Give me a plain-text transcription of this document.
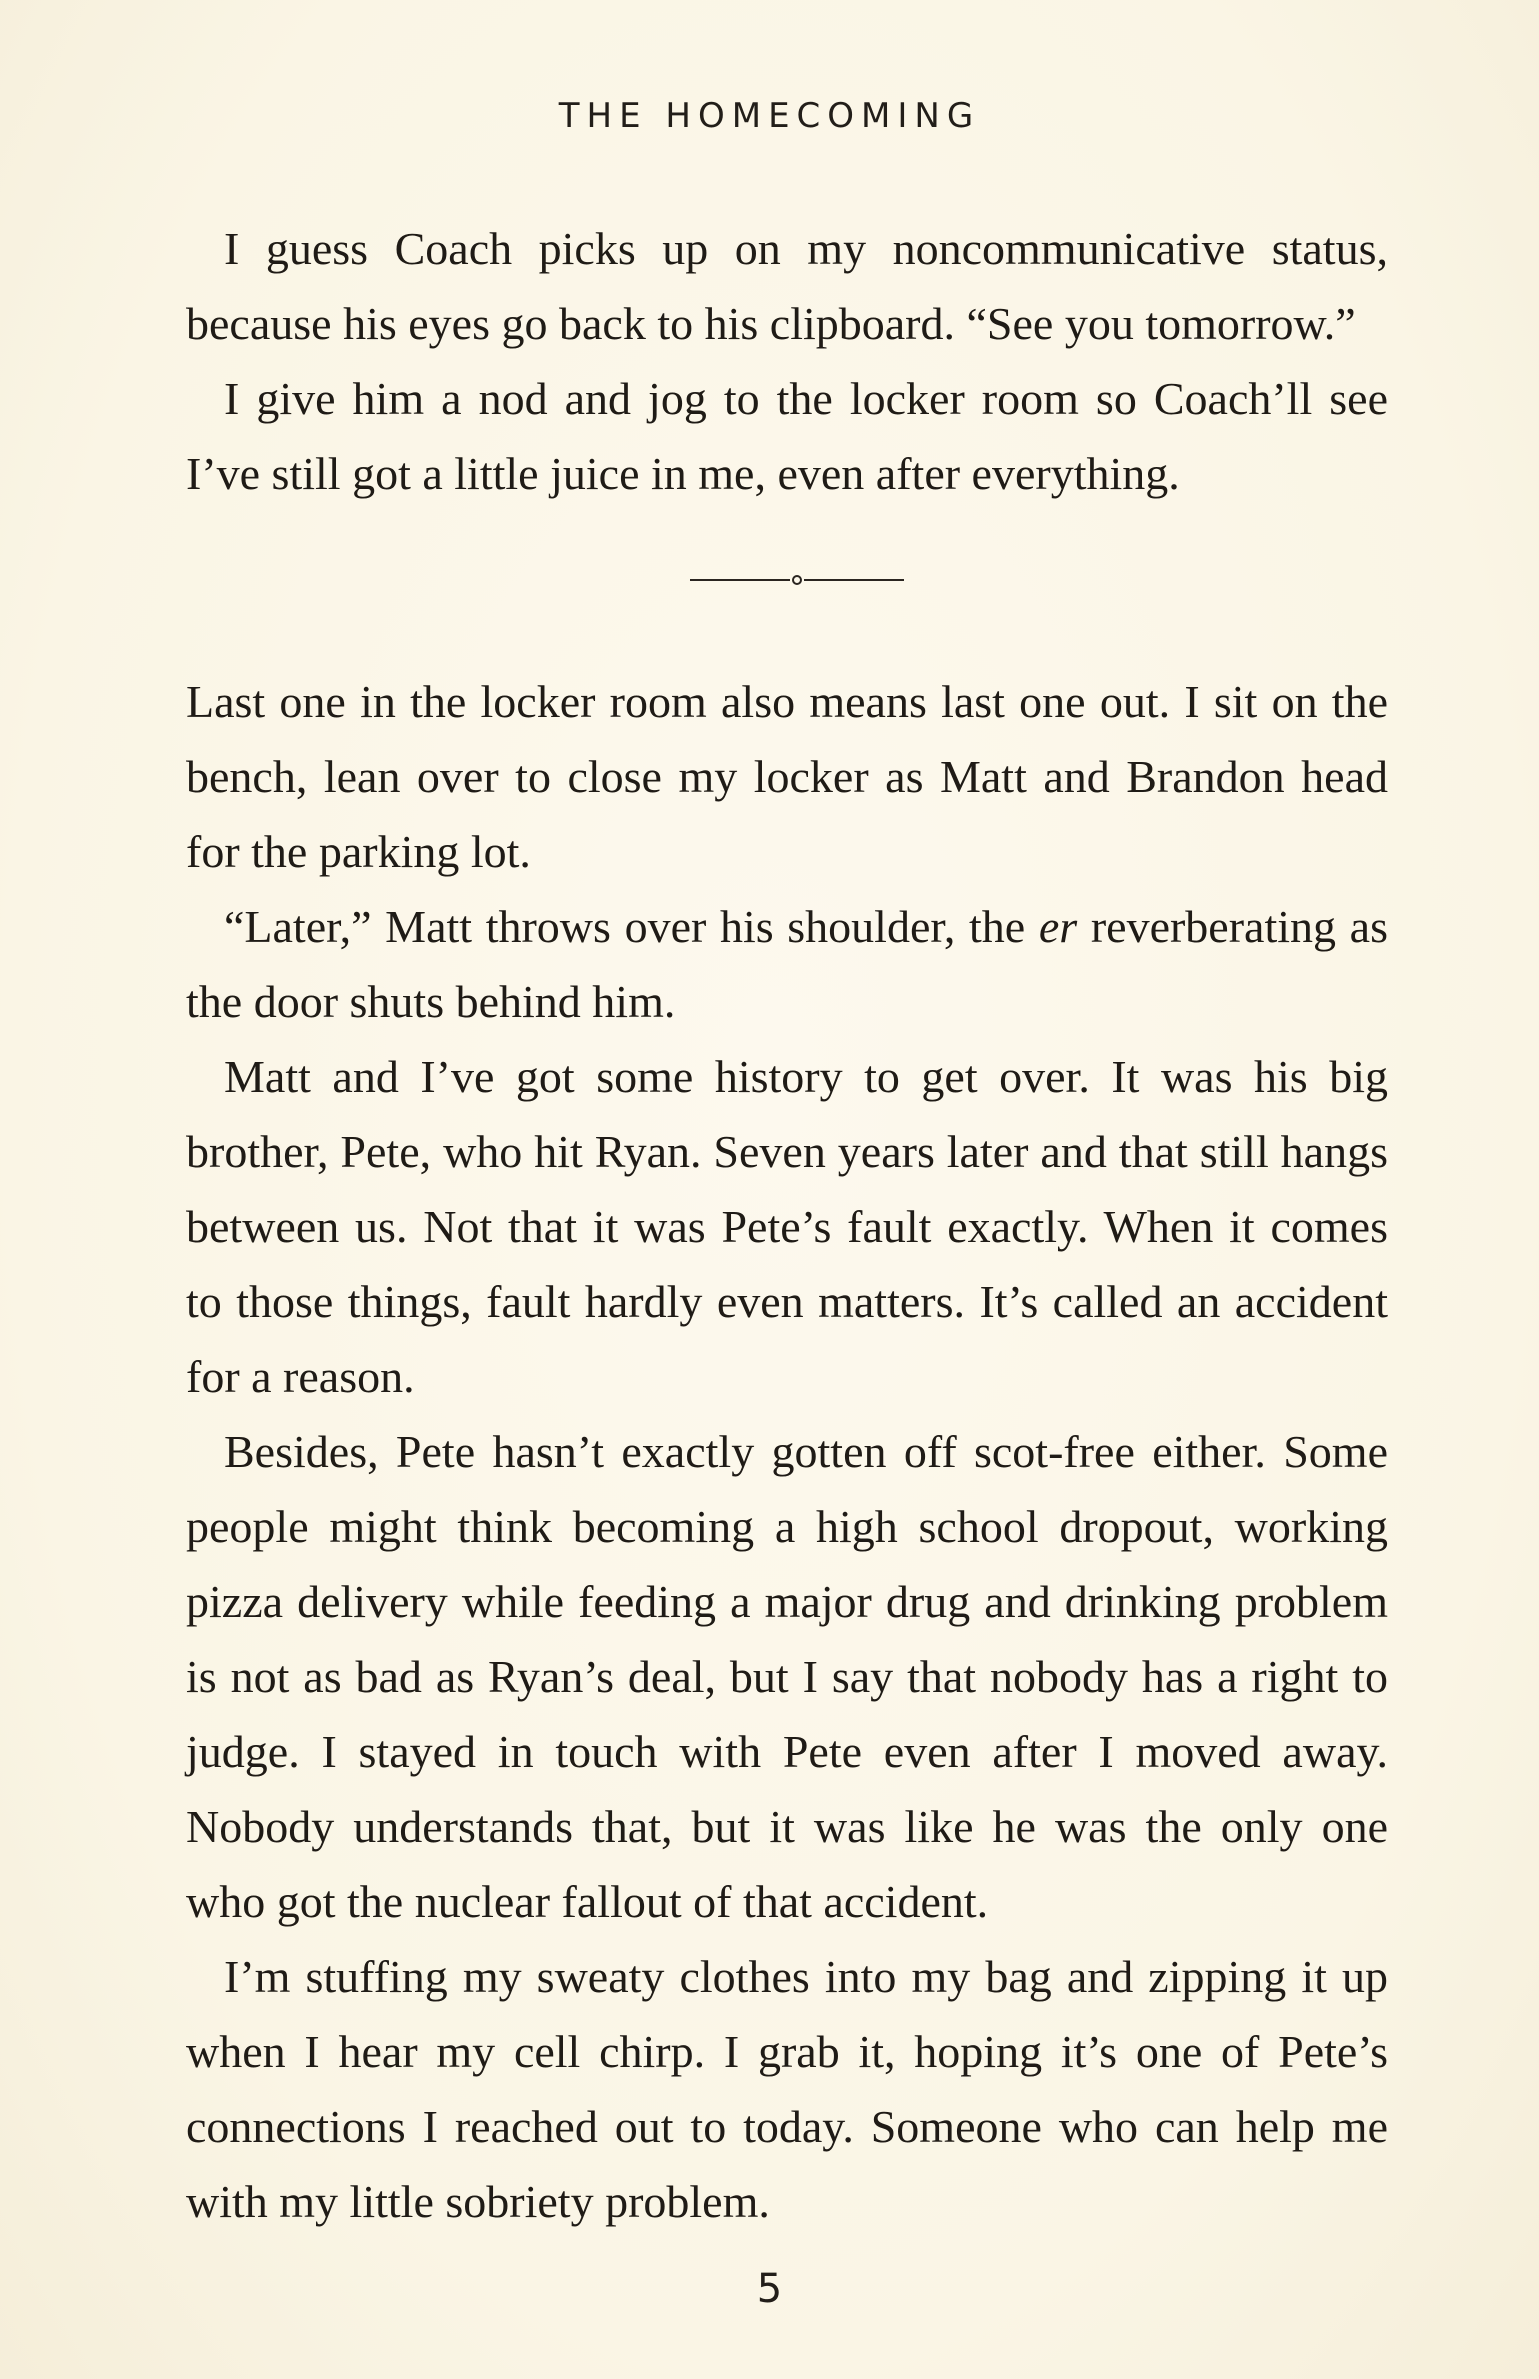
THE HOMECOMING

I guess Coach picks up on my noncommunicative status, because his eyes go back to his clipboard. “See you tomorrow.”

I give him a nod and jog to the locker room so Coach’ll see I’ve still got a little juice in me, even after everything.

Last one in the locker room also means last one out. I sit on the bench, lean over to close my locker as Matt and Brandon head for the parking lot.

“Later,” Matt throws over his shoulder, the er reverberating as the door shuts behind him.

Matt and I’ve got some history to get over. It was his big brother, Pete, who hit Ryan. Seven years later and that still hangs between us. Not that it was Pete’s fault exactly. When it comes to those things, fault hardly even matters. It’s called an accident for a reason.

Besides, Pete hasn’t exactly gotten off scot-free either. Some people might think becoming a high school dropout, working pizza delivery while feeding a major drug and drinking problem is not as bad as Ryan’s deal, but I say that nobody has a right to judge. I stayed in touch with Pete even after I moved away. Nobody understands that, but it was like he was the only one who got the nuclear fallout of that accident.

I’m stuffing my sweaty clothes into my bag and zipping it up when I hear my cell chirp. I grab it, hoping it’s one of Pete’s connections I reached out to today. Someone who can help me with my little sobriety problem.

5
